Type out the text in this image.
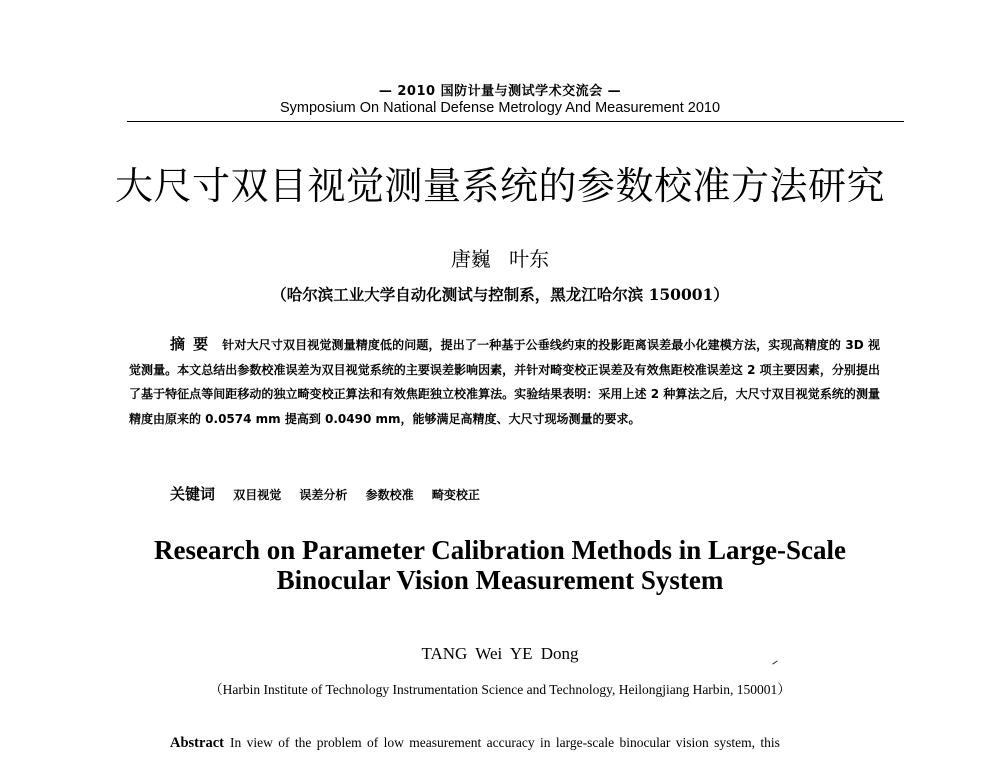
— 2010 国防计量与测试学术交流会 —
Symposium On National Defense Metrology And Measurement 2010
大尺寸双目视觉测量系统的参数校准方法研究
唐巍 叶东
（哈尔滨工业大学自动化测试与控制系，黑龙江哈尔滨 150001）
摘要 针对大尺寸双目视觉测量精度低的问题，提出了一种基于公垂线约束的投影距离误差最小化建模方法，实现高精度的 3D 视觉测量。本文总结出参数校准误差为双目视觉系统的主要误差影响因素，并针对畸变校正误差及有效焦距校准误差这 2 项主要因素，分别提出了基于特征点等间距移动的独立畸变校正算法和有效焦距独立校准算法。实验结果表明：采用上述 2 种算法之后，大尺寸双目视觉系统的测量精度由原来的 0.0574 mm 提高到 0.0490 mm，能够满足高精度、大尺寸现场测量的要求。
关键词 双目视觉 误差分析 参数校准 畸变校正
Research on Parameter Calibration Methods in Large-Scale
Binocular Vision Measurement System
TANG Wei YE Dong
（Harbin Institute of Technology Instrumentation Science and Technology, Heilongjiang Harbin, 150001）
Abstract In view of the problem of low measurement accuracy in large-scale binocular vision system, this
